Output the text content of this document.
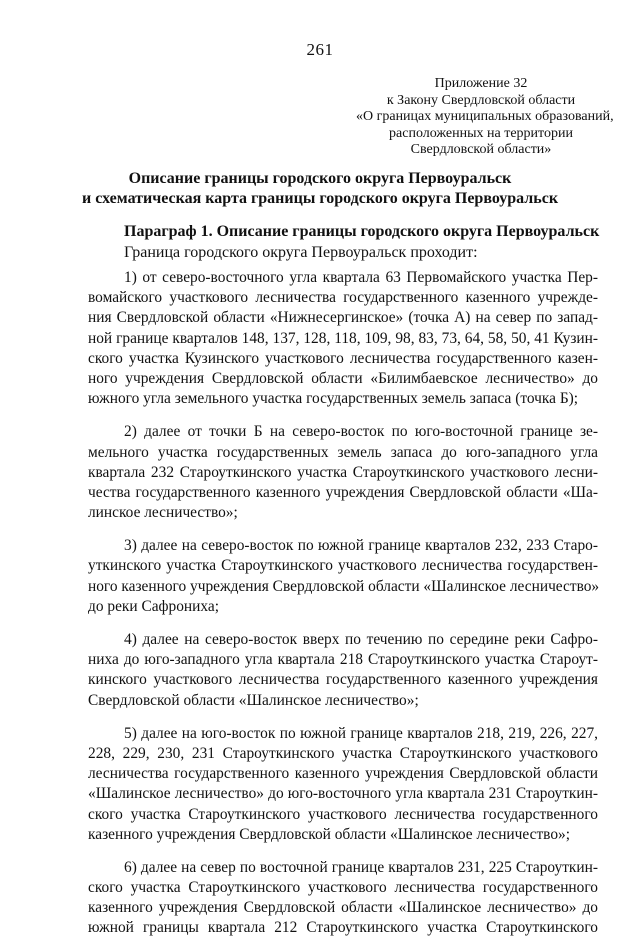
261
Приложение 32
к Закону Свердловской области
«О границах муниципальных образований,
расположенных на территории
Свердловской области»
Описание границы городского округа Первоуральск
и схематическая карта границы городского округа Первоуральск
Параграф 1. Описание границы городского округа Первоуральск
Граница городского округа Первоуральск проходит:
1) от северо-восточного угла квартала 63 Первомайского участка Пер-
вомайского участкового лесничества государственного казенного учрежде-
ния Свердловской области «Нижнесергинское» (точка А) на север по запад-
ной границе кварталов 148, 137, 128, 118, 109, 98, 83, 73, 64, 58, 50, 41 Кузин-
ского участка Кузинского участкового лесничества государственного казен-
ного учреждения Свердловской области «Билимбаевское лесничество» до
южного угла земельного участка государственных земель запаса (точка Б);
2) далее от точки Б на северо-восток по юго-восточной границе зе-
мельного участка государственных земель запаса до юго-западного угла
квартала 232 Староуткинского участка Староуткинского участкового лесни-
чества государственного казенного учреждения Свердловской области «Ша-
линское лесничество»;
3) далее на северо-восток по южной границе кварталов 232, 233 Старо-
уткинского участка Староуткинского участкового лесничества государствен-
ного казенного учреждения Свердловской области «Шалинское лесничество»
до реки Сафрониха;
4) далее на северо-восток вверх по течению по середине реки Сафро-
ниха до юго-западного угла квартала 218 Староуткинского участка Староут-
кинского участкового лесничества государственного казенного учреждения
Свердловской области «Шалинское лесничество»;
5) далее на юго-восток по южной границе кварталов 218, 219, 226, 227,
228, 229, 230, 231 Староуткинского участка Староуткинского участкового
лесничества государственного казенного учреждения Свердловской области
«Шалинское лесничество» до юго-восточного угла квартала 231 Староуткин-
ского участка Староуткинского участкового лесничества государственного
казенного учреждения Свердловской области «Шалинское лесничество»;
6) далее на север по восточной границе кварталов 231, 225 Староуткин-
ского участка Староуткинского участкового лесничества государственного
казенного учреждения Свердловской области «Шалинское лесничество» до
южной границы квартала 212 Староуткинского участка Староуткинского
